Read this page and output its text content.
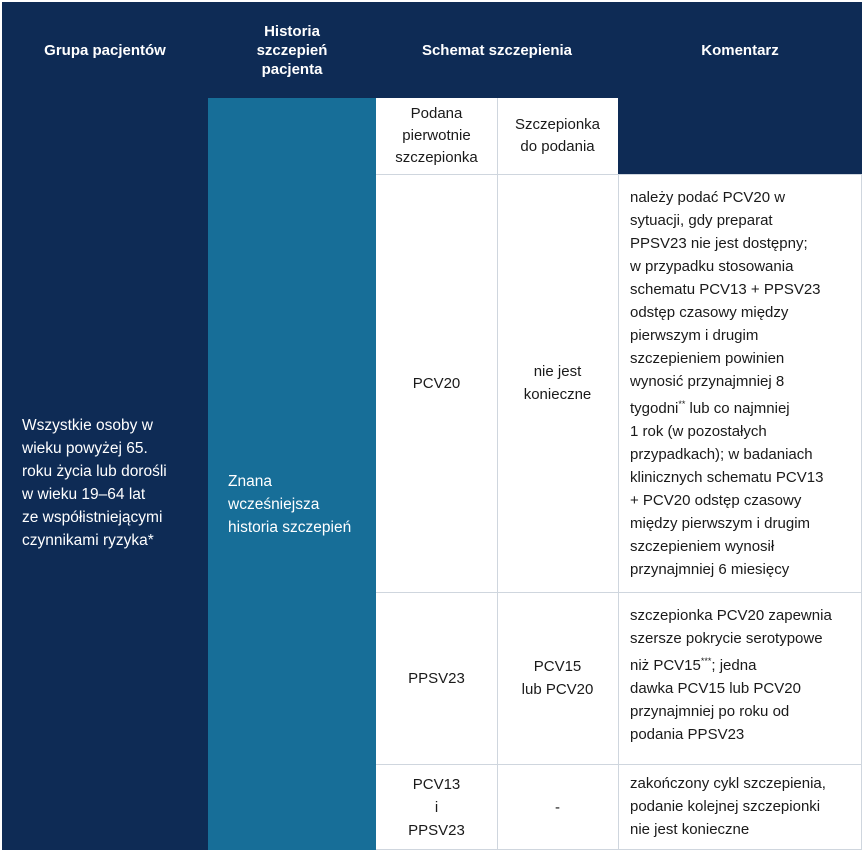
Grupa pacjentów
Historia
szczepień
pacjenta
Schemat szczepienia	Komentarz
Wszystkie osoby w
wieku powyżej 65.
roku życia lub dorośli
w wieku 19–64 lat
ze współistniejącymi
czynnikami ryzyka*
Znana
wcześniejsza
historia szczepień
Podana
pierwotnie
szczepionka
Szczepionka
do podania
PCV20
nie jest
konieczne
należy podać PCV20 w
sytuacji, gdy preparat
PPSV23 nie jest dostępny;
w przypadku stosowania
schematu PCV13 + PPSV23
odstęp czasowy między
pierwszym i drugim
szczepieniem powinien
wynosić przynajmniej 8
tygodni** lub co najmniej
1 rok (w pozostałych
przypadkach); w badaniach
klinicznych schematu PCV13
+ PCV20 odstęp czasowy
między pierwszym i drugim
szczepieniem wynosił
przynajmniej 6 miesięcy
PPSV23
PCV15
lub PCV20
szczepionka PCV20 zapewnia
szersze pokrycie serotypowe
niż PCV15***; jedna
dawka PCV15 lub PCV20
przynajmniej po roku od
podania PPSV23
PCV13
i
PPSV23
-
zakończony cykl szczepienia,
podanie kolejnej szczepionki
nie jest konieczne
